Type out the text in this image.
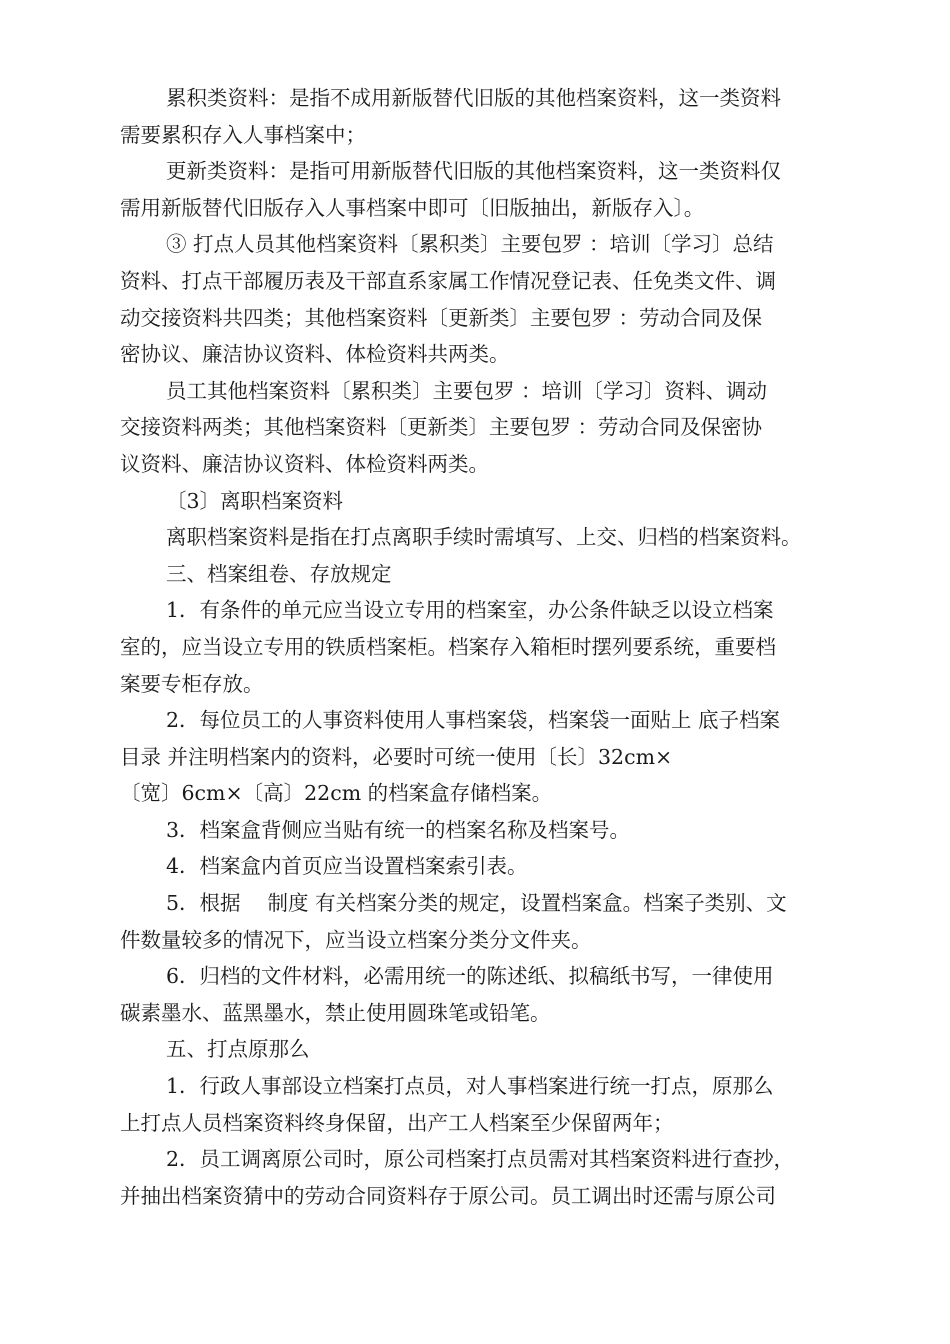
累积类资料：是指不成用新版替代旧版的其他档案资料，这一类资料
需要累积存入人事档案中；
更新类资料：是指可用新版替代旧版的其他档案资料，这一类资料仅
需用新版替代旧版存入人事档案中即可〔旧版抽出，新版存入〕。
③ 打点人员其他档案资料〔累积类〕主要包罗 ：培训〔学习〕总结
资料、打点干部履历表及干部直系家属工作情况登记表、任免类文件、调
动交接资料共四类；其他档案资料〔更新类〕主要包罗 ：劳动合同及保
密协议、廉洁协议资料、体检资料共两类。
员工其他档案资料〔累积类〕主要包罗 ：培训〔学习〕资料、调动
交接资料两类；其他档案资料〔更新类〕主要包罗 ：劳动合同及保密协
议资料、廉洁协议资料、体检资料两类。
〔3〕离职档案资料
离职档案资料是指在打点离职手续时需填写、上交、归档的档案资料。
三、档案组卷、存放规定
1．有条件的单元应当设立专用的档案室，办公条件缺乏以设立档案
室的，应当设立专用的铁质档案柜。档案存入箱柜时摆列要系统，重要档
案要专柜存放。
2．每位员工的人事资料使用人事档案袋，档案袋一面贴上 底子档案
目录 并注明档案内的资料，必要时可统一使用〔长〕32cm×
〔宽〕6cm×〔高〕22cm 的档案盒存储档案。
3．档案盒背侧应当贴有统一的档案名称及档案号。
4．档案盒内首页应当设置档案索引表。
5．根据　 制度 有关档案分类的规定，设置档案盒。档案子类别、文
件数量较多的情况下，应当设立档案分类分文件夹。
6．归档的文件材料，必需用统一的陈述纸、拟稿纸书写，一律使用
碳素墨水、蓝黑墨水，禁止使用圆珠笔或铅笔。
五、打点原那么
1．行政人事部设立档案打点员，对人事档案进行统一打点，原那么
上打点人员档案资料终身保留，出产工人档案至少保留两年；
2．员工调离原公司时，原公司档案打点员需对其档案资料进行查抄，
并抽出档案资猜中的劳动合同资料存于原公司。员工调出时还需与原公司
